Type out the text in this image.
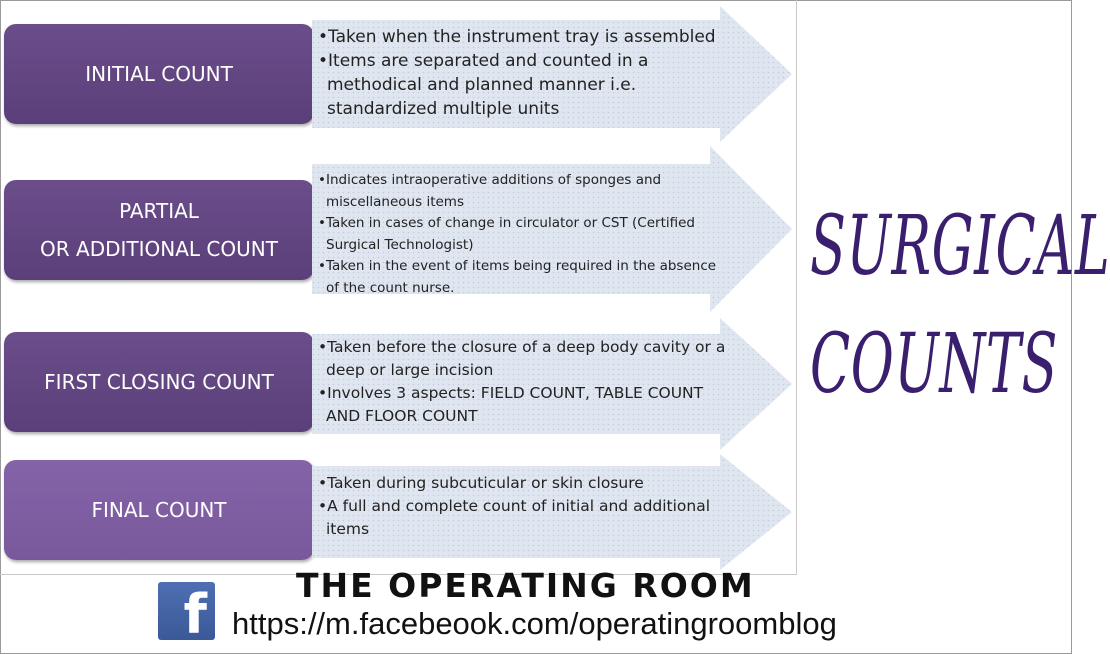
INITIAL COUNT

•Taken when the instrument tray is assembled

•Items are separated and counted in a methodical and planned manner i.e. standardized multiple units

PARTIAL
OR ADDITIONAL COUNT

•Indicates intraoperative additions of sponges and miscellaneous items

•Taken in cases of change in circulator or CST (Certified Surgical Technologist)

•Taken in the event of items being required in the absence of the count nurse.

FIRST CLOSING COUNT

•Taken before the closure of a deep body cavity or a deep or large incision

•Involves 3 aspects: FIELD COUNT, TABLE COUNT AND FLOOR COUNT

FINAL COUNT

•Taken during subcuticular or skin closure

•A full and complete count of initial and additional items

SURGICAL
COUNTS
THE OPERATING ROOM
f https://m.facebeook.com/operatingroomblog
